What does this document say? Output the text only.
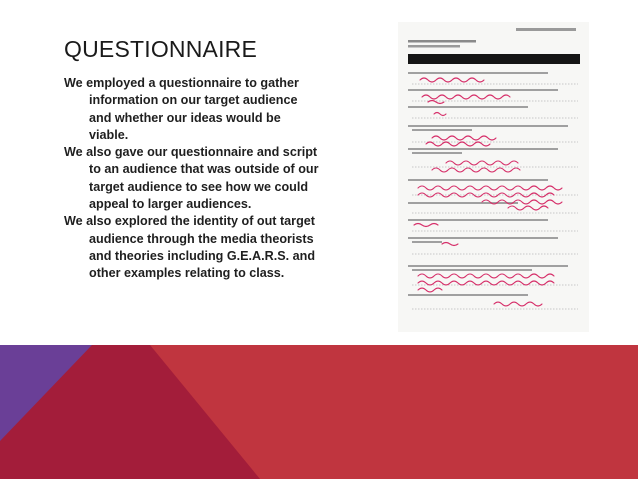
QUESTIONNAIRE

We employed a questionnaire to gather information on our target audience and whether our ideas would be viable.

We also gave our questionnaire and script to an audience that was outside of our target audience to see how we could appeal to larger audiences.

We also explored the identity of out target audience through the media theorists and theories including G.E.A.R.S. and other examples relating to class.
